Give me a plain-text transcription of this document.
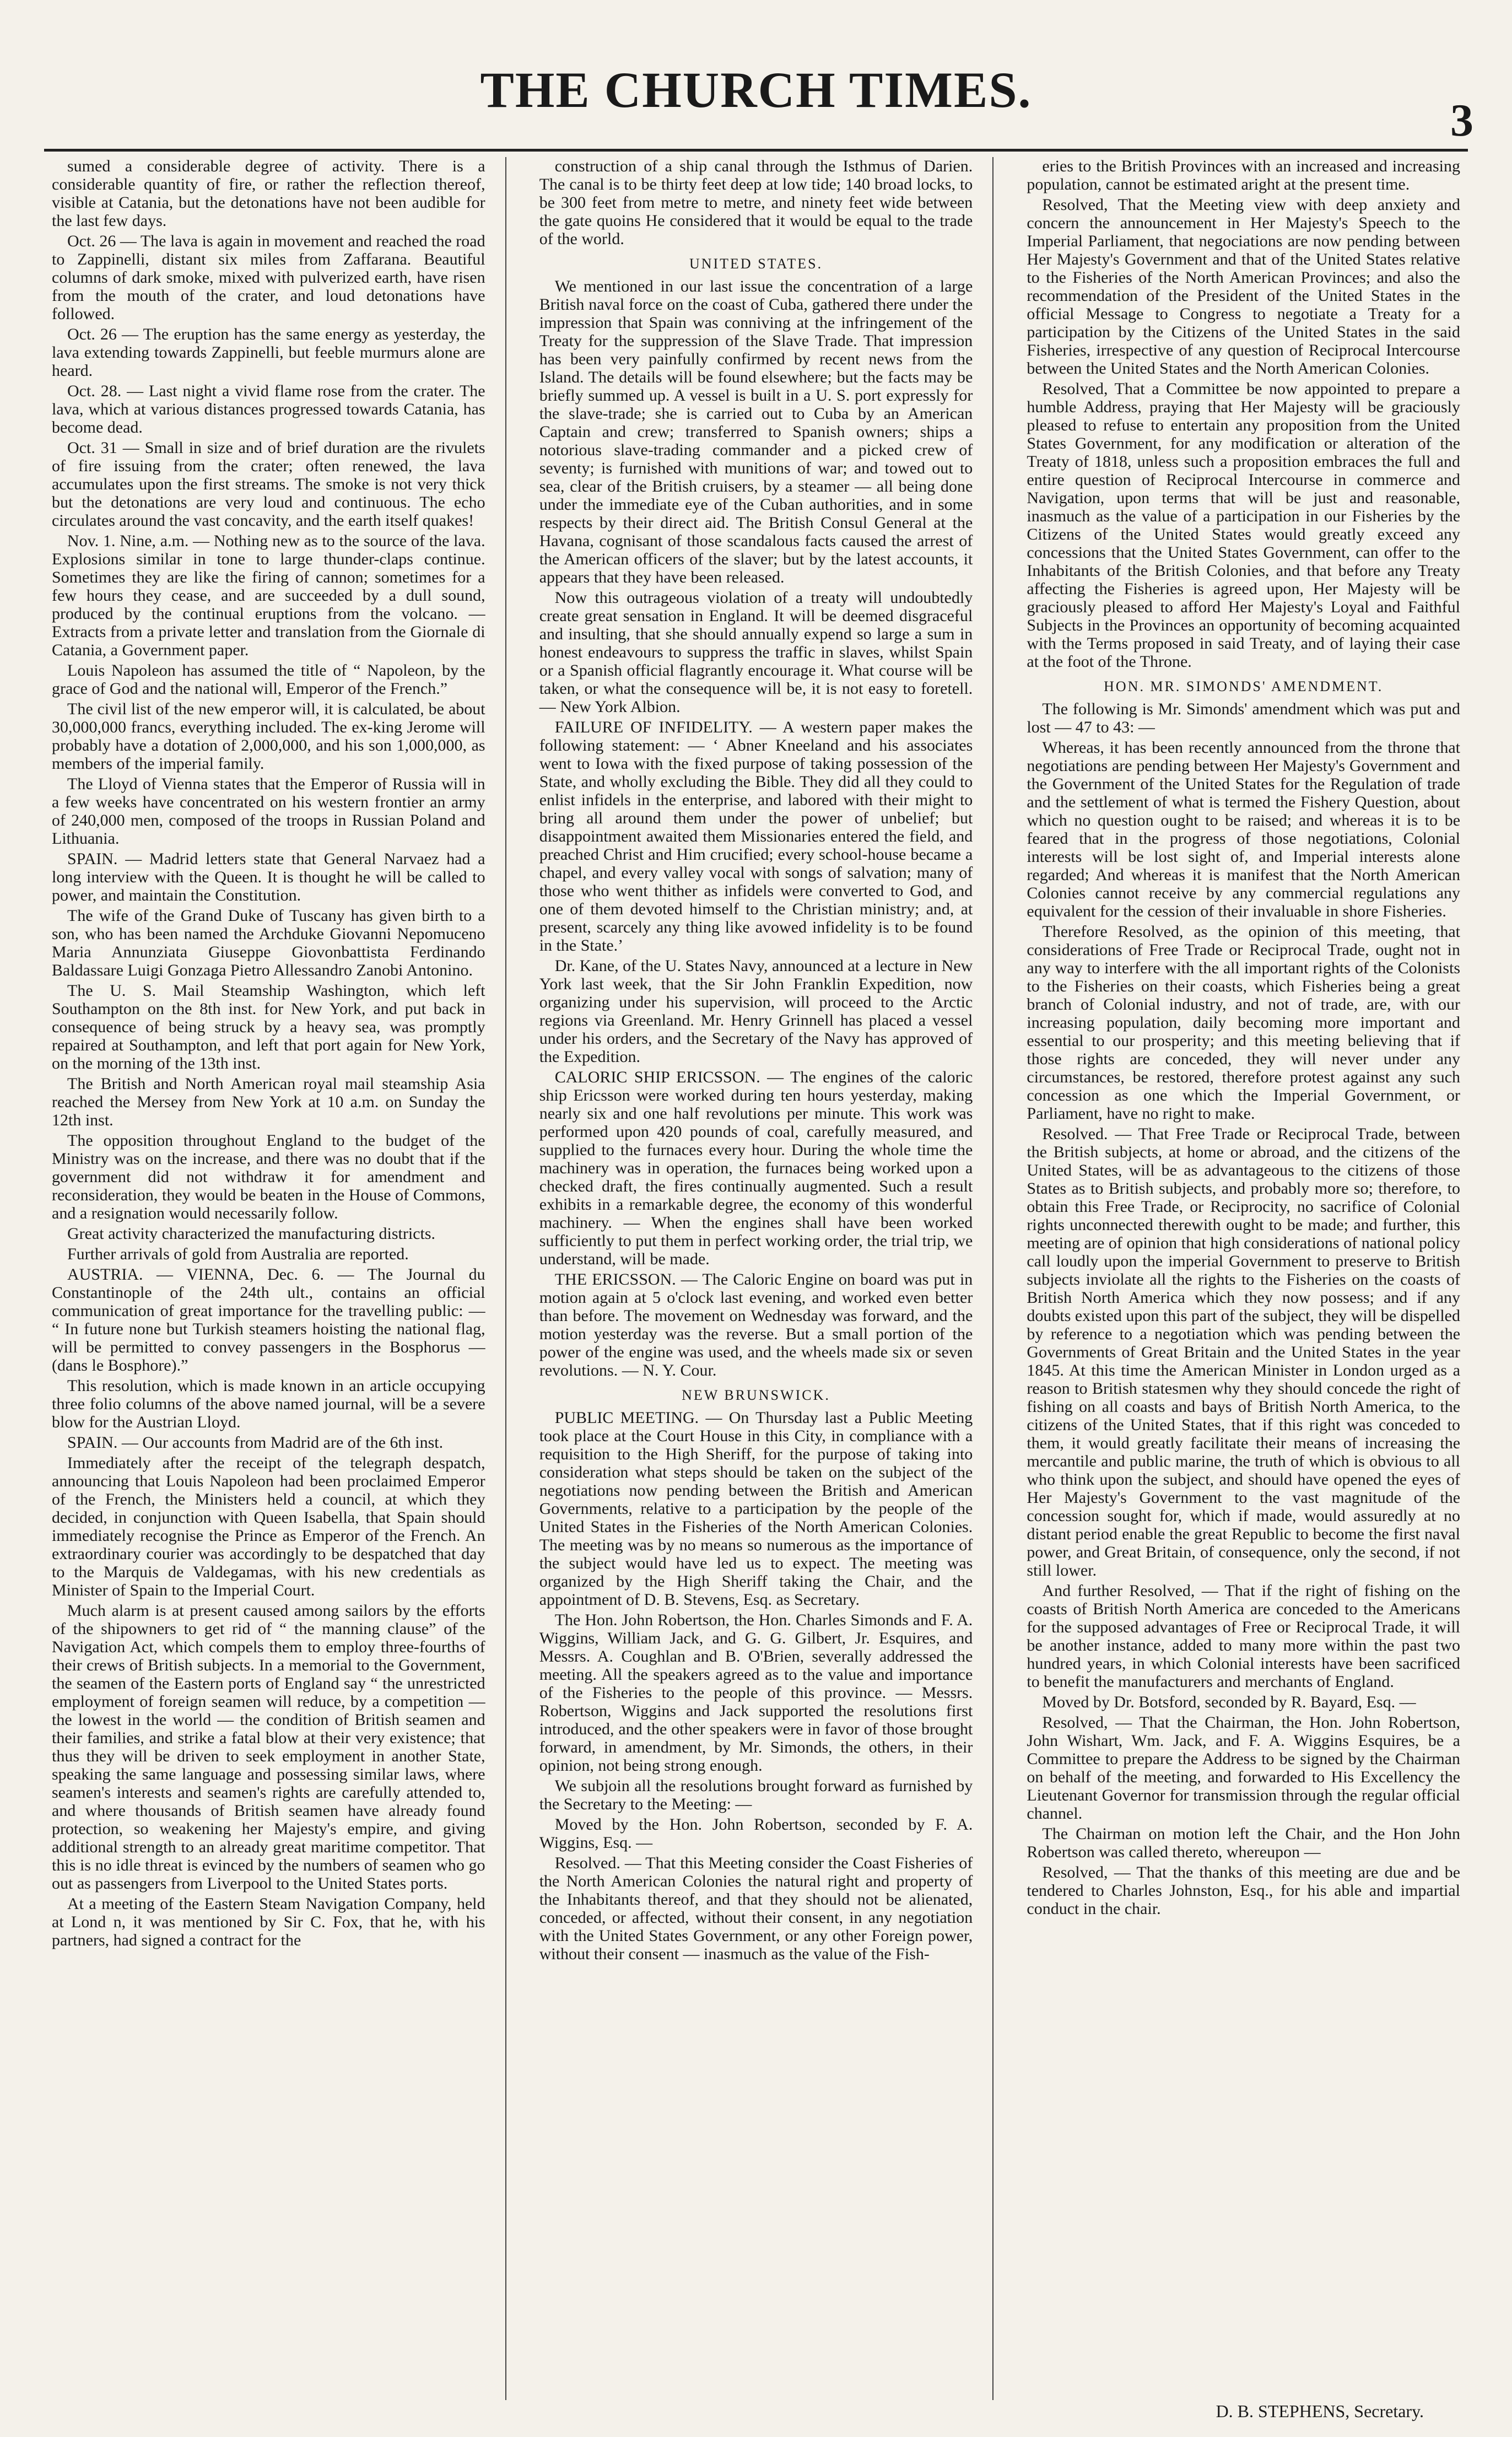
THE CHURCH TIMES.
3

sumed a considerable degree of activity. There is a considerable quantity of fire, or rather the reflection thereof, visible at Catania, but the detonations have not been audible for the last few days.

Oct. 26 — The lava is again in movement and reached the road to Zappinelli, distant six miles from Zaffarana. Beautiful columns of dark smoke, mixed with pulverized earth, have risen from the mouth of the crater, and loud detonations have followed.

Oct. 26 — The eruption has the same energy as yesterday, the lava extending towards Zappinelli, but feeble murmurs alone are heard.

Oct. 28. — Last night a vivid flame rose from the crater. The lava, which at various distances progressed towards Catania, has become dead.

Oct. 31 — Small in size and of brief duration are the rivulets of fire issuing from the crater; often renewed, the lava accumulates upon the first streams. The smoke is not very thick but the detonations are very loud and continuous. The echo circulates around the vast concavity, and the earth itself quakes!

Nov. 1. Nine, a.m. — Nothing new as to the source of the lava. Explosions similar in tone to large thunder-claps continue. Sometimes they are like the firing of cannon; sometimes for a few hours they cease, and are succeeded by a dull sound, produced by the continual eruptions from the volcano. — Extracts from a private letter and translation from the Giornale di Catania, a Government paper.

Louis Napoleon has assumed the title of “ Napoleon, by the grace of God and the national will, Emperor of the French.”

The civil list of the new emperor will, it is calculated, be about 30,000,000 francs, everything included. The ex-king Jerome will probably have a dotation of 2,000,000, and his son 1,000,000, as members of the imperial family.

The Lloyd of Vienna states that the Emperor of Russia will in a few weeks have concentrated on his western frontier an army of 240,000 men, composed of the troops in Russian Poland and Lithuania.

SPAIN. — Madrid letters state that General Narvaez had a long interview with the Queen. It is thought he will be called to power, and maintain the Constitution.

The wife of the Grand Duke of Tuscany has given birth to a son, who has been named the Archduke Giovanni Nepomuceno Maria Annunziata Giuseppe Giovonbattista Ferdinando Baldassare Luigi Gonzaga Pietro Allessandro Zanobi Antonino.

The U. S. Mail Steamship Washington, which left Southampton on the 8th inst. for New York, and put back in consequence of being struck by a heavy sea, was promptly repaired at Southampton, and left that port again for New York, on the morning of the 13th inst.

The British and North American royal mail steamship Asia reached the Mersey from New York at 10 a.m. on Sunday the 12th inst.

The opposition throughout England to the budget of the Ministry was on the increase, and there was no doubt that if the government did not withdraw it for amendment and reconsideration, they would be beaten in the House of Commons, and a resignation would necessarily follow.

Great activity characterized the manufacturing districts.

Further arrivals of gold from Australia are reported.

AUSTRIA. — VIENNA, Dec. 6. — The Journal du Constantinople of the 24th ult., contains an official communication of great importance for the travelling public: — “ In future none but Turkish steamers hoisting the national flag, will be permitted to convey passengers in the Bosphorus — (dans le Bosphore).”

This resolution, which is made known in an article occupying three folio columns of the above named journal, will be a severe blow for the Austrian Lloyd.

SPAIN. — Our accounts from Madrid are of the 6th inst.

Immediately after the receipt of the telegraph despatch, announcing that Louis Napoleon had been proclaimed Emperor of the French, the Ministers held a council, at which they decided, in conjunction with Queen Isabella, that Spain should immediately recognise the Prince as Emperor of the French. An extraordinary courier was accordingly to be despatched that day to the Marquis de Valdegamas, with his new credentials as Minister of Spain to the Imperial Court.

Much alarm is at present caused among sailors by the efforts of the shipowners to get rid of “ the manning clause” of the Navigation Act, which compels them to employ three-fourths of their crews of British subjects. In a memorial to the Government, the seamen of the Eastern ports of England say “ the unrestricted employment of foreign seamen will reduce, by a competition — the lowest in the world — the condition of British seamen and their families, and strike a fatal blow at their very existence; that thus they will be driven to seek employment in another State, speaking the same language and possessing similar laws, where seamen's interests and seamen's rights are carefully attended to, and where thousands of British seamen have already found protection, so weakening her Majesty's empire, and giving additional strength to an already great maritime competitor. That this is no idle threat is evinced by the numbers of seamen who go out as passengers from Liverpool to the United States ports.

At a meeting of the Eastern Steam Navigation Company, held at Lond n, it was mentioned by Sir C. Fox, that he, with his partners, had signed a contract for the

construction of a ship canal through the Isthmus of Darien. The canal is to be thirty feet deep at low tide; 140 broad locks, to be 300 feet from metre to metre, and ninety feet wide between the gate quoins He considered that it would be equal to the trade of the world.

UNITED STATES.

We mentioned in our last issue the concentration of a large British naval force on the coast of Cuba, gathered there under the impression that Spain was conniving at the infringement of the Treaty for the suppression of the Slave Trade. That impression has been very painfully confirmed by recent news from the Island. The details will be found elsewhere; but the facts may be briefly summed up. A vessel is built in a U. S. port expressly for the slave-trade; she is carried out to Cuba by an American Captain and crew; transferred to Spanish owners; ships a notorious slave-trading commander and a picked crew of seventy; is furnished with munitions of war; and towed out to sea, clear of the British cruisers, by a steamer — all being done under the immediate eye of the Cuban authorities, and in some respects by their direct aid. The British Consul General at the Havana, cognisant of those scandalous facts caused the arrest of the American officers of the slaver; but by the latest accounts, it appears that they have been released.

Now this outrageous violation of a treaty will undoubtedly create great sensation in England. It will be deemed disgraceful and insulting, that she should annually expend so large a sum in honest endeavours to suppress the traffic in slaves, whilst Spain or a Spanish official flagrantly encourage it. What course will be taken, or what the consequence will be, it is not easy to foretell. — New York Albion.

FAILURE OF INFIDELITY. — A western paper makes the following statement: — ‘ Abner Kneeland and his associates went to Iowa with the fixed purpose of taking possession of the State, and wholly excluding the Bible. They did all they could to enlist infidels in the enterprise, and labored with their might to bring all around them under the power of unbelief; but disappointment awaited them Missionaries entered the field, and preached Christ and Him crucified; every school-house became a chapel, and every valley vocal with songs of salvation; many of those who went thither as infidels were converted to God, and one of them devoted himself to the Christian ministry; and, at present, scarcely any thing like avowed infidelity is to be found in the State.’

Dr. Kane, of the U. States Navy, announced at a lecture in New York last week, that the Sir John Franklin Expedition, now organizing under his supervision, will proceed to the Arctic regions via Greenland. Mr. Henry Grinnell has placed a vessel under his orders, and the Secretary of the Navy has approved of the Expedition.

CALORIC SHIP ERICSSON. — The engines of the caloric ship Ericsson were worked during ten hours yesterday, making nearly six and one half revolutions per minute. This work was performed upon 420 pounds of coal, carefully measured, and supplied to the furnaces every hour. During the whole time the machinery was in operation, the furnaces being worked upon a checked draft, the fires continually augmented. Such a result exhibits in a remarkable degree, the economy of this wonderful machinery. — When the engines shall have been worked sufficiently to put them in perfect working order, the trial trip, we understand, will be made.

THE ERICSSON. — The Caloric Engine on board was put in motion again at 5 o'clock last evening, and worked even better than before. The movement on Wednesday was forward, and the motion yesterday was the reverse. But a small portion of the power of the engine was used, and the wheels made six or seven revolutions. — N. Y. Cour.

NEW BRUNSWICK.

PUBLIC MEETING. — On Thursday last a Public Meeting took place at the Court House in this City, in compliance with a requisition to the High Sheriff, for the purpose of taking into consideration what steps should be taken on the subject of the negotiations now pending between the British and American Governments, relative to a participation by the people of the United States in the Fisheries of the North American Colonies. The meeting was by no means so numerous as the importance of the subject would have led us to expect. The meeting was organized by the High Sheriff taking the Chair, and the appointment of D. B. Stevens, Esq. as Secretary.

The Hon. John Robertson, the Hon. Charles Simonds and F. A. Wiggins, William Jack, and G. G. Gilbert, Jr. Esquires, and Messrs. A. Coughlan and B. O'Brien, severally addressed the meeting. All the speakers agreed as to the value and importance of the Fisheries to the people of this province. — Messrs. Robertson, Wiggins and Jack supported the resolutions first introduced, and the other speakers were in favor of those brought forward, in amendment, by Mr. Simonds, the others, in their opinion, not being strong enough.

We subjoin all the resolutions brought forward as furnished by the Secretary to the Meeting: —

Moved by the Hon. John Robertson, seconded by F. A. Wiggins, Esq. —

Resolved. — That this Meeting consider the Coast Fisheries of the North American Colonies the natural right and property of the Inhabitants thereof, and that they should not be alienated, conceded, or affected, without their consent, in any negotiation with the United States Government, or any other Foreign power, without their consent — inasmuch as the value of the Fish-

eries to the British Provinces with an increased and increasing population, cannot be estimated aright at the present time.

Resolved, That the Meeting view with deep anxiety and concern the announcement in Her Majesty's Speech to the Imperial Parliament, that negociations are now pending between Her Majesty's Government and that of the United States relative to the Fisheries of the North American Provinces; and also the recommendation of the President of the United States in the official Message to Congress to negotiate a Treaty for a participation by the Citizens of the United States in the said Fisheries, irrespective of any question of Reciprocal Intercourse between the United States and the North American Colonies.

Resolved, That a Committee be now appointed to prepare a humble Address, praying that Her Majesty will be graciously pleased to refuse to entertain any proposition from the United States Government, for any modification or alteration of the Treaty of 1818, unless such a proposition embraces the full and entire question of Reciprocal Intercourse in commerce and Navigation, upon terms that will be just and reasonable, inasmuch as the value of a participation in our Fisheries by the Citizens of the United States would greatly exceed any concessions that the United States Government, can offer to the Inhabitants of the British Colonies, and that before any Treaty affecting the Fisheries is agreed upon, Her Majesty will be graciously pleased to afford Her Majesty's Loyal and Faithful Subjects in the Provinces an opportunity of becoming acquainted with the Terms proposed in said Treaty, and of laying their case at the foot of the Throne.

HON. MR. SIMONDS' AMENDMENT.

The following is Mr. Simonds' amendment which was put and lost — 47 to 43: —

Whereas, it has been recently announced from the throne that negotiations are pending between Her Majesty's Government and the Government of the United States for the Regulation of trade and the settlement of what is termed the Fishery Question, about which no question ought to be raised; and whereas it is to be feared that in the progress of those negotiations, Colonial interests will be lost sight of, and Imperial interests alone regarded; And whereas it is manifest that the North American Colonies cannot receive by any commercial regulations any equivalent for the cession of their invaluable in shore Fisheries.

Therefore Resolved, as the opinion of this meeting, that considerations of Free Trade or Reciprocal Trade, ought not in any way to interfere with the all important rights of the Colonists to the Fisheries on their coasts, which Fisheries being a great branch of Colonial industry, and not of trade, are, with our increasing population, daily becoming more important and essential to our prosperity; and this meeting believing that if those rights are conceded, they will never under any circumstances, be restored, therefore protest against any such concession as one which the Imperial Government, or Parliament, have no right to make.

Resolved. — That Free Trade or Reciprocal Trade, between the British subjects, at home or abroad, and the citizens of the United States, will be as advantageous to the citizens of those States as to British subjects, and probably more so; therefore, to obtain this Free Trade, or Reciprocity, no sacrifice of Colonial rights unconnected therewith ought to be made; and further, this meeting are of opinion that high considerations of national policy call loudly upon the imperial Government to preserve to British subjects inviolate all the rights to the Fisheries on the coasts of British North America which they now possess; and if any doubts existed upon this part of the subject, they will be dispelled by reference to a negotiation which was pending between the Governments of Great Britain and the United States in the year 1845. At this time the American Minister in London urged as a reason to British statesmen why they should concede the right of fishing on all coasts and bays of British North America, to the citizens of the United States, that if this right was conceded to them, it would greatly facilitate their means of increasing the mercantile and public marine, the truth of which is obvious to all who think upon the subject, and should have opened the eyes of Her Majesty's Government to the vast magnitude of the concession sought for, which if made, would assuredly at no distant period enable the great Republic to become the first naval power, and Great Britain, of consequence, only the second, if not still lower.

And further Resolved, — That if the right of fishing on the coasts of British North America are conceded to the Americans for the supposed advantages of Free or Reciprocal Trade, it will be another instance, added to many more within the past two hundred years, in which Colonial interests have been sacrificed to benefit the manufacturers and merchants of England.

Moved by Dr. Botsford, seconded by R. Bayard, Esq. —

Resolved, — That the Chairman, the Hon. John Robertson, John Wishart, Wm. Jack, and F. A. Wiggins Esquires, be a Committee to prepare the Address to be signed by the Chairman on behalf of the meeting, and forwarded to His Excellency the Lieutenant Governor for transmission through the regular official channel.

The Chairman on motion left the Chair, and the Hon John Robertson was called thereto, whereupon —

Resolved, — That the thanks of this meeting are due and be tendered to Charles Johnston, Esq., for his able and impartial conduct in the chair.

D. B. STEPHENS, Secretary.
